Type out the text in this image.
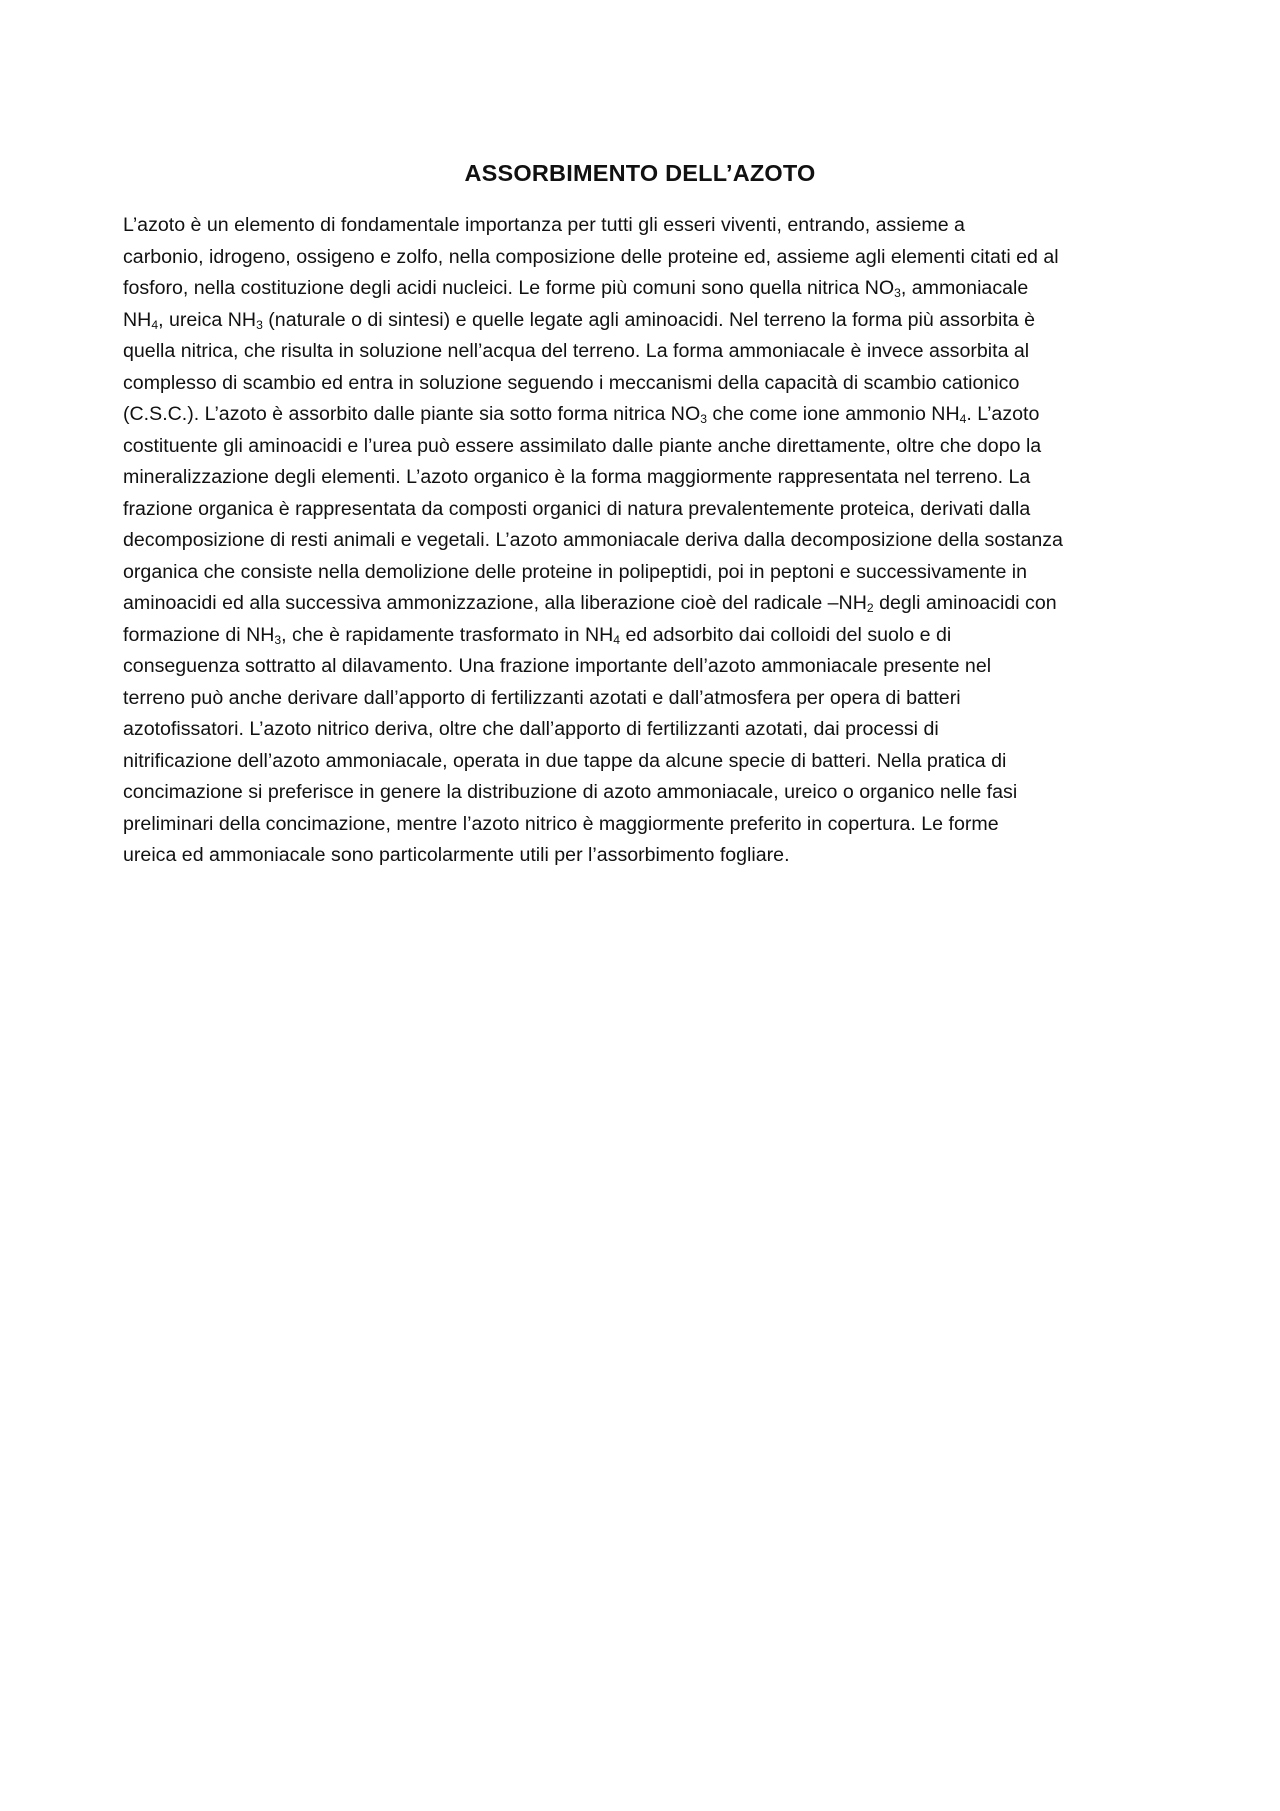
ASSORBIMENTO DELL’AZOTO
L’azoto è un elemento di fondamentale importanza per tutti gli esseri viventi, entrando, assieme a
carbonio, idrogeno, ossigeno e zolfo, nella composizione delle proteine ed, assieme agli elementi citati ed al
fosforo, nella costituzione degli acidi nucleici. Le forme più comuni sono quella nitrica $NO_3$, ammoniacale
$NH_4$, ureica $NH_3$ (naturale o di sintesi) e quelle legate agli aminoacidi. Nel terreno la forma più assorbita è
quella nitrica, che risulta in soluzione nell’acqua del terreno. La forma ammoniacale è invece assorbita al
complesso di scambio ed entra in soluzione seguendo i meccanismi della capacità di scambio cationico
(C.S.C.). L’azoto è assorbito dalle piante sia sotto forma nitrica $NO_3$ che come ione ammonio $NH_4$. L’azoto
costituente gli aminoacidi e l’urea può essere assimilato dalle piante anche direttamente, oltre che dopo la
mineralizzazione degli elementi. L’azoto organico è la forma maggiormente rappresentata nel terreno. La
frazione organica è rappresentata da composti organici di natura prevalentemente proteica, derivati dalla
decomposizione di resti animali e vegetali. L’azoto ammoniacale deriva dalla decomposizione della sostanza
organica che consiste nella demolizione delle proteine in polipeptidi, poi in peptoni e successivamente in
aminoacidi ed alla successiva ammonizzazione, alla liberazione cioè del radicale $-NH_2$ degli aminoacidi con
formazione di $NH_3$, che è rapidamente trasformato in $NH_4$ ed adsorbito dai colloidi del suolo e di
conseguenza sottratto al dilavamento. Una frazione importante dell’azoto ammoniacale presente nel
terreno può anche derivare dall’apporto di fertilizzanti azotati e dall’atmosfera per opera di batteri
azotofissatori. L’azoto nitrico deriva, oltre che dall’apporto di fertilizzanti azotati, dai processi di
nitrificazione dell’azoto ammoniacale, operata in due tappe da alcune specie di batteri. Nella pratica di
concimazione si preferisce in genere la distribuzione di azoto ammoniacale, ureico o organico nelle fasi
preliminari della concimazione, mentre l’azoto nitrico è maggiormente preferito in copertura. Le forme
ureica ed ammoniacale sono particolarmente utili per l’assorbimento fogliare.
